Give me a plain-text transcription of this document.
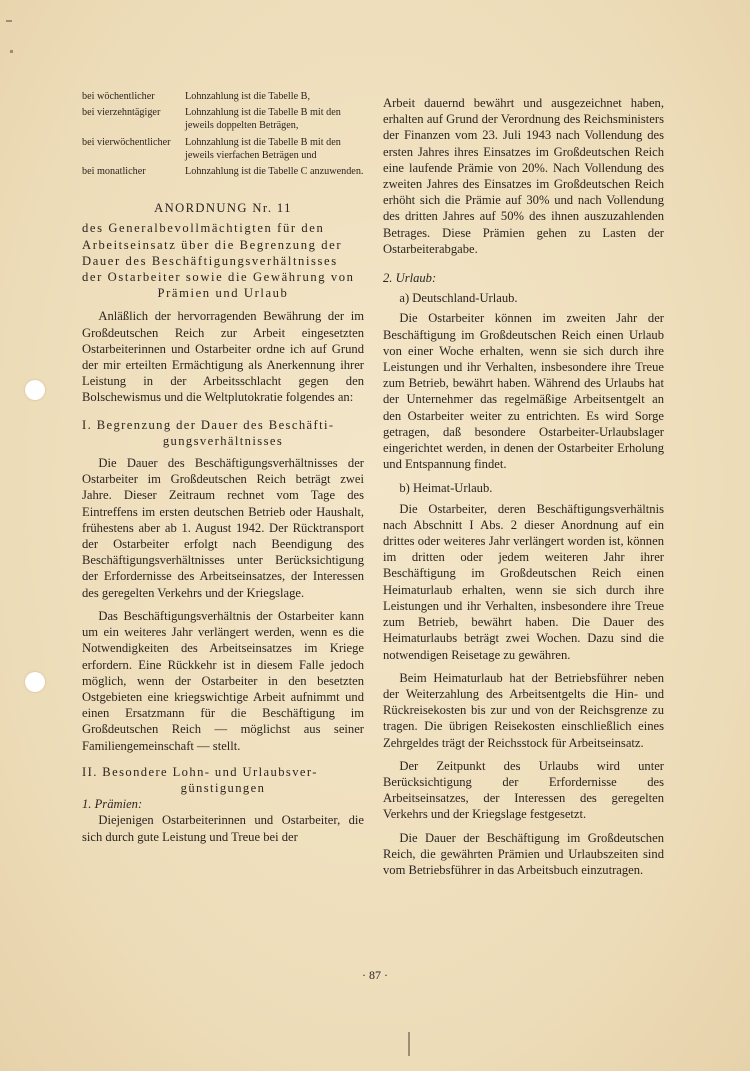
bei wöchentlicher	Lohnzahlung ist die Tabelle B,
bei vierzehntägiger	Lohnzahlung ist die Tabelle B mit den jeweils doppelten Beträgen,
bei vierwöchentlicher	Lohnzahlung ist die Tabelle B mit den jeweils vierfachen Beträgen und
bei monatlicher	Lohnzahlung ist die Tabelle C anzuwenden.

ANORDNUNG Nr. 11

des Generalbevollmächtigten für den

Arbeitseinsatz über die Begrenzung der

Dauer des Beschäftigungsverhältnisses

der Ostarbeiter sowie die Gewährung von

Prämien und Urlaub

Anläßlich der hervorragenden Bewährung der im Großdeutschen Reich zur Arbeit eingesetzten Ostarbeiterinnen und Ostarbeiter ordne ich auf Grund der mir erteilten Ermächtigung als Anerkennung ihrer Leistung in der Arbeitsschlacht gegen den Bolschewismus und die Weltplutokratie folgendes an:

I. Begrenzung der Dauer des Beschäfti-

gungsverhältnisses

Die Dauer des Beschäftigungsverhältnisses der Ostarbeiter im Großdeutschen Reich beträgt zwei Jahre. Dieser Zeitraum rechnet vom Tage des Eintreffens im ersten deutschen Betrieb oder Haushalt, frühestens aber ab 1. August 1942. Der Rücktransport der Ostarbeiter erfolgt nach Beendigung des Beschäftigungsverhältnisses unter Berücksichtigung der Erfordernisse des Arbeitseinsatzes, der Interessen des geregelten Verkehrs und der Kriegslage.

Das Beschäftigungsverhältnis der Ostarbeiter kann um ein weiteres Jahr verlängert werden, wenn es die Notwendigkeiten des Arbeitseinsatzes im Kriege erfordern. Eine Rückkehr ist in diesem Falle jedoch möglich, wenn der Ostarbeiter in den besetzten Ostgebieten eine kriegswichtige Arbeit aufnimmt und einen Ersatzmann für die Beschäftigung im Großdeutschen Reich — möglichst aus seiner Familiengemeinschaft — stellt.

II. Besondere Lohn- und Urlaubsver-

günstigungen

1. Prämien:

Diejenigen Ostarbeiterinnen und Ostarbeiter, die sich durch gute Leistung und Treue bei der

Arbeit dauernd bewährt und ausgezeichnet haben, erhalten auf Grund der Verordnung des Reichsministers der Finanzen vom 23. Juli 1943 nach Vollendung des ersten Jahres ihres Einsatzes im Großdeutschen Reich eine laufende Prämie von 20%. Nach Vollendung des zweiten Jahres des Einsatzes im Großdeutschen Reich erhöht sich die Prämie auf 30% und nach Vollendung des dritten Jahres auf 50% des ihnen auszuzahlenden Betrages. Diese Prämien gehen zu Lasten der Ostarbeiterabgabe.

2. Urlaub:

a) Deutschland-Urlaub.

Die Ostarbeiter können im zweiten Jahr der Beschäftigung im Großdeutschen Reich einen Urlaub von einer Woche erhalten, wenn sie sich durch ihre Leistungen und ihr Verhalten, insbesondere ihre Treue zum Betrieb, bewährt haben. Während des Urlaubs hat der Unternehmer das regelmäßige Arbeitsentgelt an den Ostarbeiter weiter zu entrichten. Es wird Sorge getragen, daß besondere Ostarbeiter-Urlaubslager eingerichtet werden, in denen der Ostarbeiter Erholung und Entspannung findet.

b) Heimat-Urlaub.

Die Ostarbeiter, deren Beschäftigungsverhältnis nach Abschnitt I Abs. 2 dieser Anordnung auf ein drittes oder weiteres Jahr verlängert worden ist, können im dritten oder jedem weiteren Jahr ihrer Beschäftigung im Großdeutschen Reich einen Heimaturlaub erhalten, wenn sie sich durch ihre Leistungen und ihr Verhalten, insbesondere ihre Treue zum Betrieb, bewährt haben. Die Dauer des Heimaturlaubs beträgt zwei Wochen. Dazu sind die notwendigen Reisetage zu gewähren.

Beim Heimaturlaub hat der Betriebsführer neben der Weiterzahlung des Arbeitsentgelts die Hin- und Rückreisekosten bis zur und von der Reichsgrenze zu tragen. Die übrigen Reisekosten einschließlich eines Zehrgeldes trägt der Reichsstock für Arbeitseinsatz.

Der Zeitpunkt des Urlaubs wird unter Berücksichtigung der Erfordernisse des Arbeitseinsatzes, der Interessen des geregelten Verkehrs und der Kriegslage festgesetzt.

Die Dauer der Beschäftigung im Großdeutschen Reich, die gewährten Prämien und Urlaubszeiten sind vom Betriebsführer in das Arbeitsbuch einzutragen.

· 87 ·
